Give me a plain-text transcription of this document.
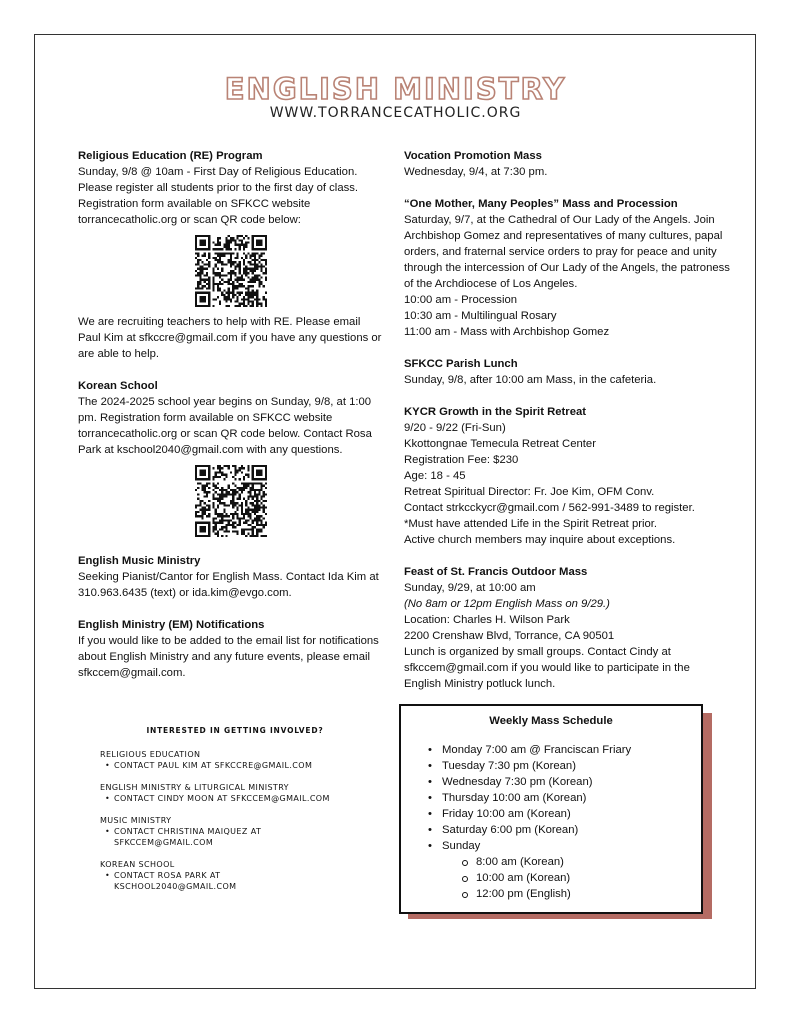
ENGLISH MINISTRY
WWW.TORRANCECATHOLIC.ORG
Religious Education (RE) Program

Sunday, 9/8 @ 10am - First Day of Religious Education. Please register all students prior to the first day of class. Registration form available on SFKCC website torrancecatholic.org or scan QR code below:

We are recruiting teachers to help with RE. Please email Paul Kim at sfkccre@gmail.com if you have any questions or are able to help.

Korean School

The 2024-2025 school year begins on Sunday, 9/8, at 1:00 pm. Registration form available on SFKCC website torrancecatholic.org or scan QR code below. Contact Rosa Park at kschool2040@gmail.com with any questions.

English Music Ministry

Seeking Pianist/Cantor for English Mass. Contact Ida Kim at 310.963.6435 (text) or ida.kim@evgo.com.

English Ministry (EM) Notifications

If you would like to be added to the email list for notifications about English Ministry and any future events, please email sfkccem@gmail.com.

Vocation Promotion Mass

Wednesday, 9/4, at 7:30 pm.

“One Mother, Many Peoples” Mass and Procession

Saturday, 9/7, at the Cathedral of Our Lady of the Angels. Join Archbishop Gomez and representatives of many cultures, papal orders, and fraternal service orders to pray for peace and unity through the intercession of Our Lady of the Angels, the patroness of the Archdiocese of Los Angeles.

10:00 am - Procession

10:30 am - Multilingual Rosary

11:00 am - Mass with Archbishop Gomez

SFKCC Parish Lunch

Sunday, 9/8, after 10:00 am Mass, in the cafeteria.

KYCR Growth in the Spirit Retreat

9/20 - 9/22 (Fri-Sun)

Kkottongnae Temecula Retreat Center

Registration Fee: $230

Age: 18 - 45

Retreat Spiritual Director: Fr. Joe Kim, OFM Conv.

Contact strkcckycr@gmail.com / 562-991-3489 to register.

*Must have attended Life in the Spirit Retreat prior.

Active church members may inquire about exceptions.

Feast of St. Francis Outdoor Mass

Sunday, 9/29, at 10:00 am

(No 8am or 12pm English Mass on 9/29.)

Location: Charles H. Wilson Park

2200 Crenshaw Blvd, Torrance, CA 90501

Lunch is organized by small groups. Contact Cindy at sfkccem@gmail.com if you would like to participate in the English Ministry potluck lunch.

INTERESTED IN GETTING INVOLVED?

RELIGIOUS EDUCATION

• CONTACT PAUL KIM AT SFKCCRE@GMAIL.COM

ENGLISH MINISTRY & LITURGICAL MINISTRY

• CONTACT CINDY MOON AT SFKCCEM@GMAIL.COM

MUSIC MINISTRY

• CONTACT CHRISTINA MAIQUEZ AT SFKCCEM@GMAIL.COM

KOREAN SCHOOL

• CONTACT ROSA PARK AT KSCHOOL2040@GMAIL.COM
Weekly Mass Schedule
• Monday 7:00 am @ Franciscan Friary
• Tuesday 7:30 pm (Korean)
• Wednesday 7:30 pm (Korean)
• Thursday 10:00 am (Korean)
• Friday 10:00 am (Korean)
• Saturday 6:00 pm (Korean)
• Sunday
8:00 am (Korean)
10:00 am (Korean)
12:00 pm (English)
